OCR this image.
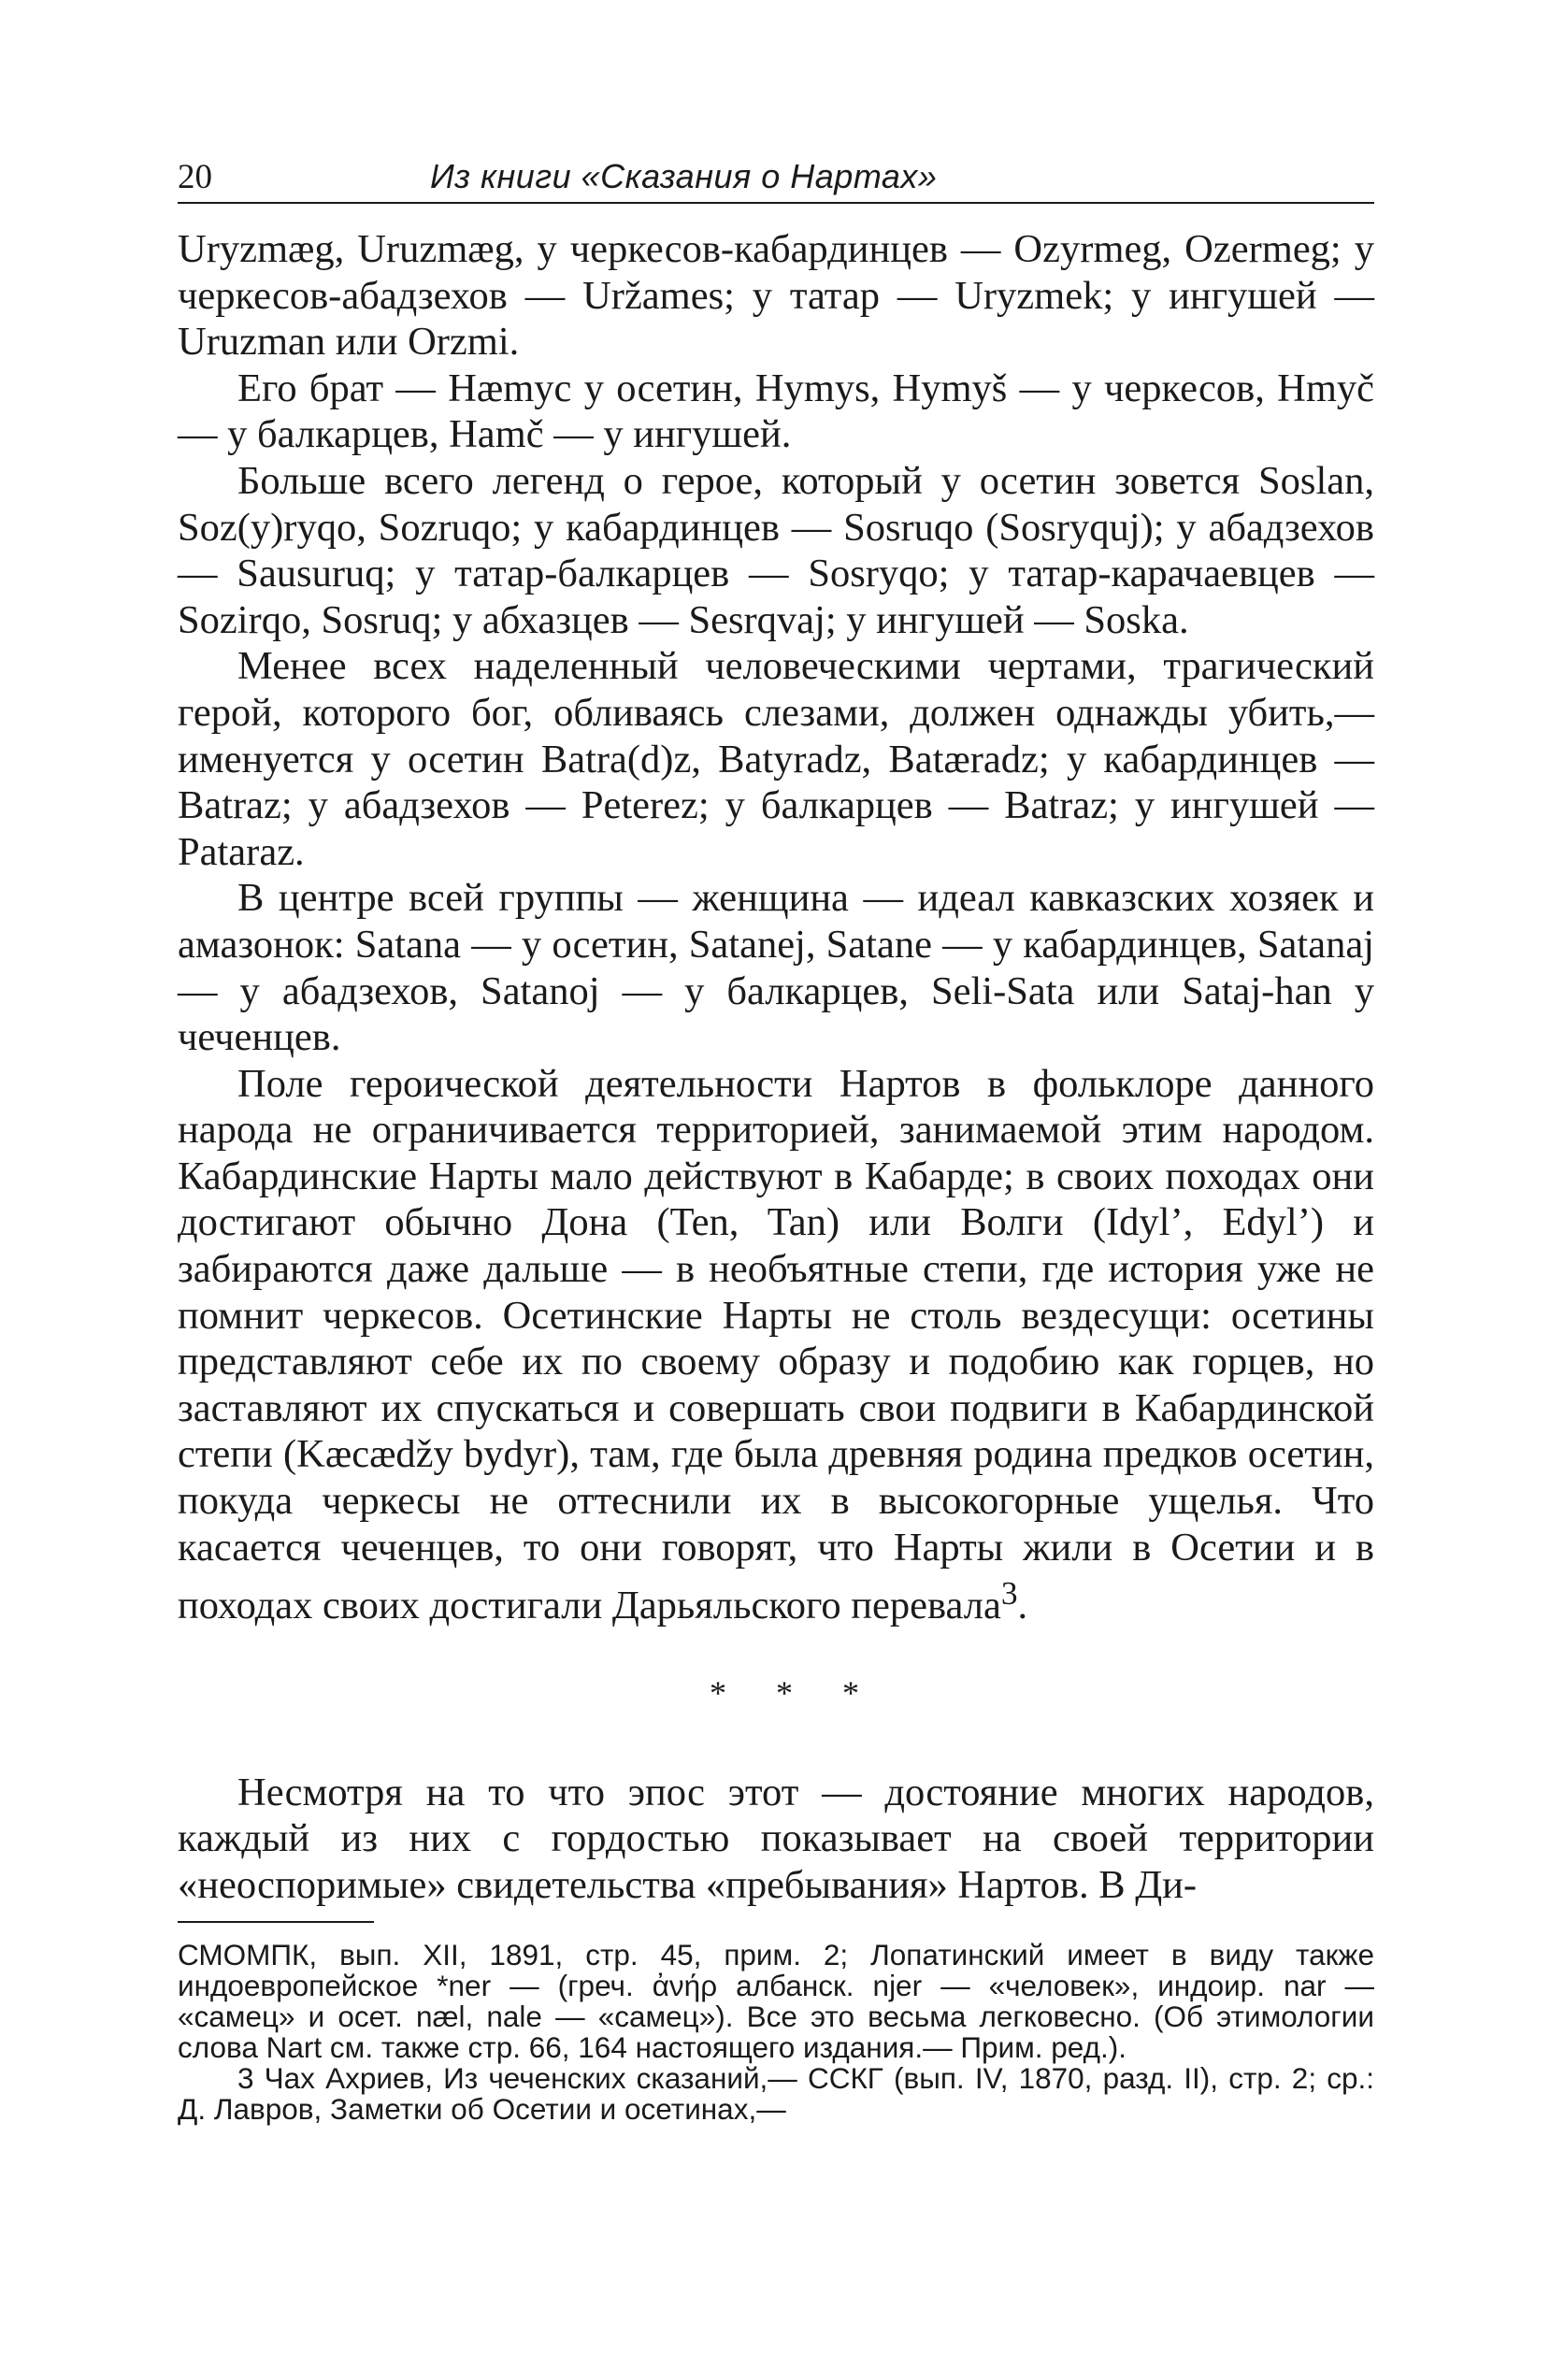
20	Из книги «Сказания о Нартах»

Uryzmæg, Uruzmæg, у черкесов-кабардинцев — Ozyrmeg, Ozermeg; у черкесов-абадзехов — Uržames; у татар — Uryzmek; у ингушей — Uruzman или Orzmi.

Его брат — Hæmyc у осетин, Hymys, Hymyš — у черкесов, Hmyč — у балкарцев, Hamč — у ингушей.

Больше всего легенд о герое, который у осетин зовется Soslan, Soz(y)ryqo, Sozruqo; у кабардинцев — Sosruqo (Sosryquj); у абадзехов — Sausuruq; у татар-балкарцев — Sosryqo; у татар-карачаевцев — Sozirqo, Sosruq; у абхазцев — Sesrqvaj; у ингушей — Soska.

Менее всех наделенный человеческими чертами, трагический герой, которого бог, обливаясь слезами, должен однажды убить,— именуется у осетин Batra(d)z, Batyradz, Batæradz; у кабардинцев — Batraz; у абадзехов — Peterez; у балкарцев — Batraz; у ингушей — Pataraz.

В центре всей группы — женщина — идеал кавказских хозяек и амазонок: Satana — у осетин, Satanej, Satane — у кабардинцев, Satanaj — у абадзехов, Satanoj — у балкарцев, Seli-Sata или Sataj-han у чеченцев.

Поле героической деятельности Нартов в фольклоре данного народа не ограничивается территорией, занимаемой этим народом. Кабардинские Нарты мало действуют в Кабарде; в своих походах они достигают обычно Дона (Ten, Tan) или Волги (Idyl’, Edyl’) и забираются даже дальше — в необъятные степи, где история уже не помнит черкесов. Осетинские Нарты не столь вездесущи: осетины представляют себе их по своему образу и подобию как горцев, но заставляют их спускаться и совершать свои подвиги в Кабардинской степи (Kæcædžy bydyr), там, где была древняя родина предков осетин, покуда черкесы не оттеснили их в высокогорные ущелья. Что касается чеченцев, то они говорят, что Нарты жили в Осетии и в походах своих достигали Дарьяльского перевала$^3$.

* * *

Несмотря на то что эпос этот — достояние многих народов, каждый из них с гордостью показывает на своей территории «неоспоримые» свидетельства «пребывания» Нартов. В Ди-

СМОМПК, вып. XII, 1891, стр. 45, прим. 2; Лопатинский имеет в виду также индоевропейское *ner — (греч. ἀνήρ албанск. njer — «человек», индоир. nar — «самец» и осет. næl, nale — «самец»). Все это весьма легковесно. (Об этимологии слова Nart см. также стр. 66, 164 настоящего издания.— Прим. ред.).

3 Чах Ахриев, Из чеченских сказаний,— ССКГ (вып. IV, 1870, разд. II), стр. 2; ср.: Д. Лавров, Заметки об Осетии и осетинах,—
